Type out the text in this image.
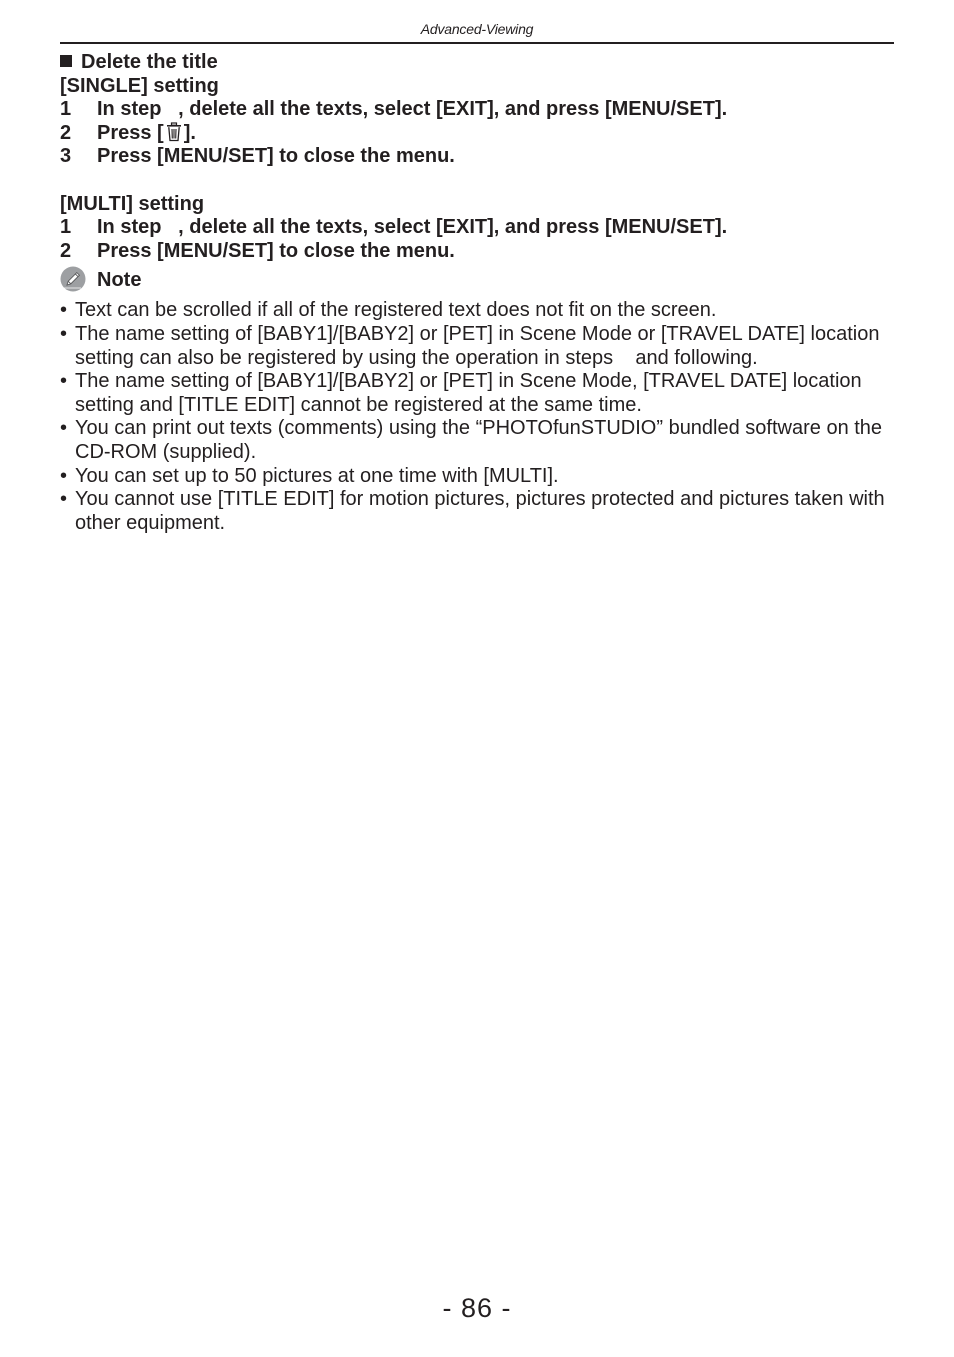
Advanced-Viewing
Delete the title
[SINGLE] setting
1 In step   , delete all the texts, select [EXIT], and press [MENU/SET].
2 Press [ ].
3 Press [MENU/SET] to close the menu.
[MULTI] setting
1 In step   , delete all the texts, select [EXIT], and press [MENU/SET].
2 Press [MENU/SET] to close the menu.
Note
• Text can be scrolled if all of the registered text does not fit on the screen.
• The name setting of [BABY1]/[BABY2] or [PET] in Scene Mode or [TRAVEL DATE] location setting can also be registered by using the operation in steps    and following.
• The name setting of [BABY1]/[BABY2] or [PET] in Scene Mode, [TRAVEL DATE] location setting and [TITLE EDIT] cannot be registered at the same time.
• You can print out texts (comments) using the “PHOTOfunSTUDIO” bundled software on the CD-ROM (supplied).
• You can set up to 50 pictures at one time with [MULTI].
• You cannot use [TITLE EDIT] for motion pictures, pictures protected and pictures taken with other equipment.
- 86 -
